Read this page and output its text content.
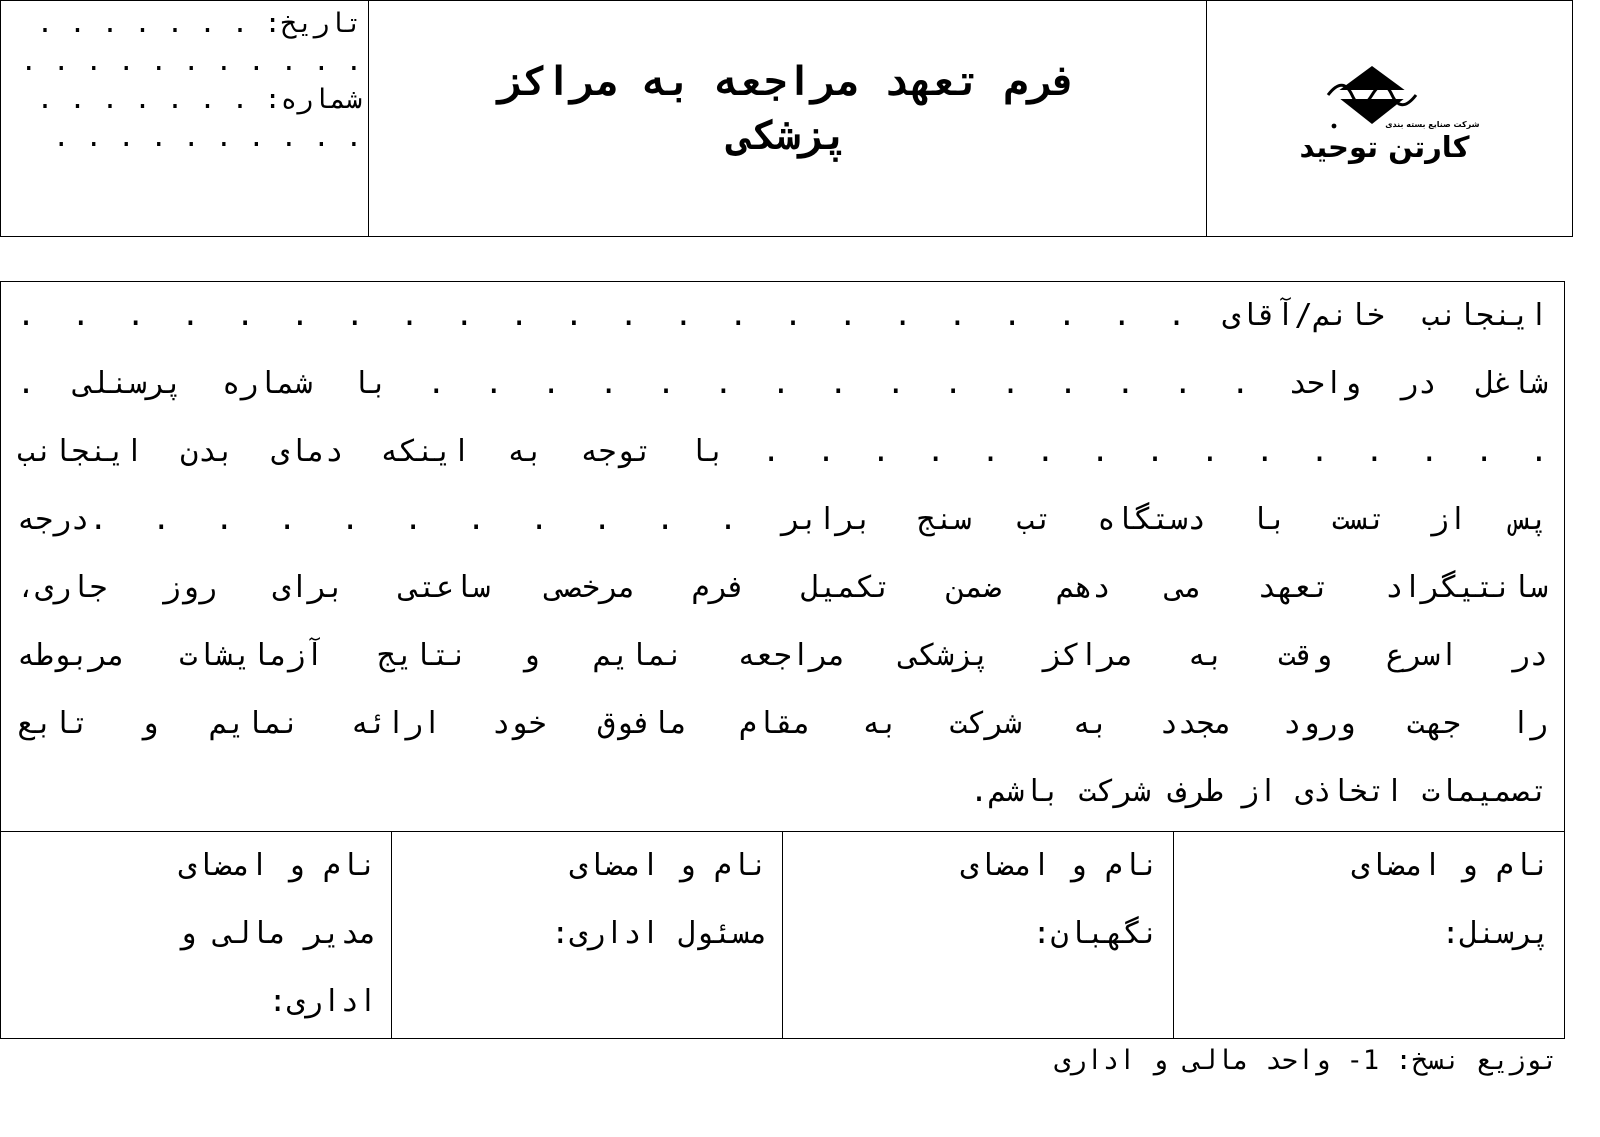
تاریخ: . . . . . . . . . . . . . . . . . .
شماره: . . . . . . . . . . . . . . . . .
فرم تعهد مراجعه به مراکز
پزشکی	شرکت صنایع بسته بندی
کارتن توحید
اینجانب خانم/آقای . . . . . . . . . . . . . . . . . . . . . .
شاغل در واحد . . . . . . . . . . . . . . . با شماره پرسنلی .
. . . . . . . . . . . . . . . با توجه به اینکه دمای بدن اینجانب
پس از تست با دستگاه تب سنج برابر . . . . . . . . . . .درجه
سانتیگراد تعهد می دهم ضمن تکمیل فرم مرخصی ساعتی برای روز جاری،
در اسرع وقت به مراکز پزشکی مراجعه نمایم و نتایج آزمایشات مربوطه
را جهت ورود مجدد به شرکت به مقام مافوق خود ارائه نمایم و تابع
تصمیمات اتخاذی از طرف شرکت باشم.
نام و امضای
پرسنل:
نام و امضای
نگهبان:
نام و امضای
مسئول اداری:
نام و امضای
مدیر مالی و
اداری:
توزیع نسخ: 1- واحد مالی و اداری
